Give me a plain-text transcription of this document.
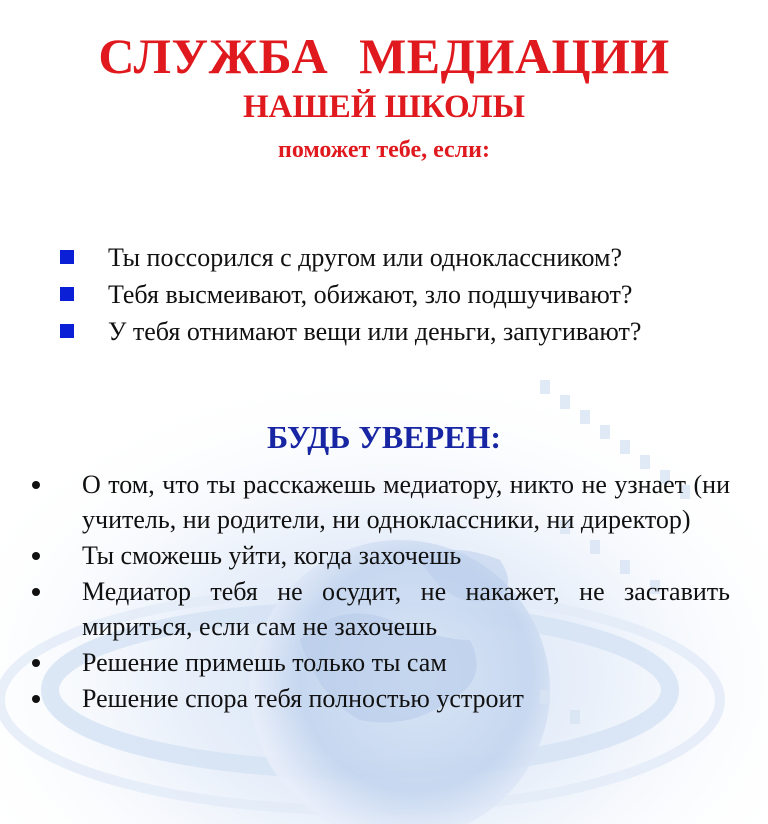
СЛУЖБА МЕДИАЦИИ
НАШЕЙ ШКОЛЫ
поможет тебе, если:
Ты поссорился с другом или одноклассником?
Тебя высмеивают, обижают, зло подшучивают?
У тебя отнимают вещи или деньги, запугивают?
БУДЬ УВЕРЕН:
О том, что ты расскажешь медиатору, никто не узнает (ни учитель, ни родители, ни одноклассники, ни директор)
Ты сможешь уйти, когда захочешь
Медиатор тебя не осудит, не накажет, не заставить мириться, если сам не захочешь
Решение примешь только ты сам
Решение спора тебя полностью устроит
